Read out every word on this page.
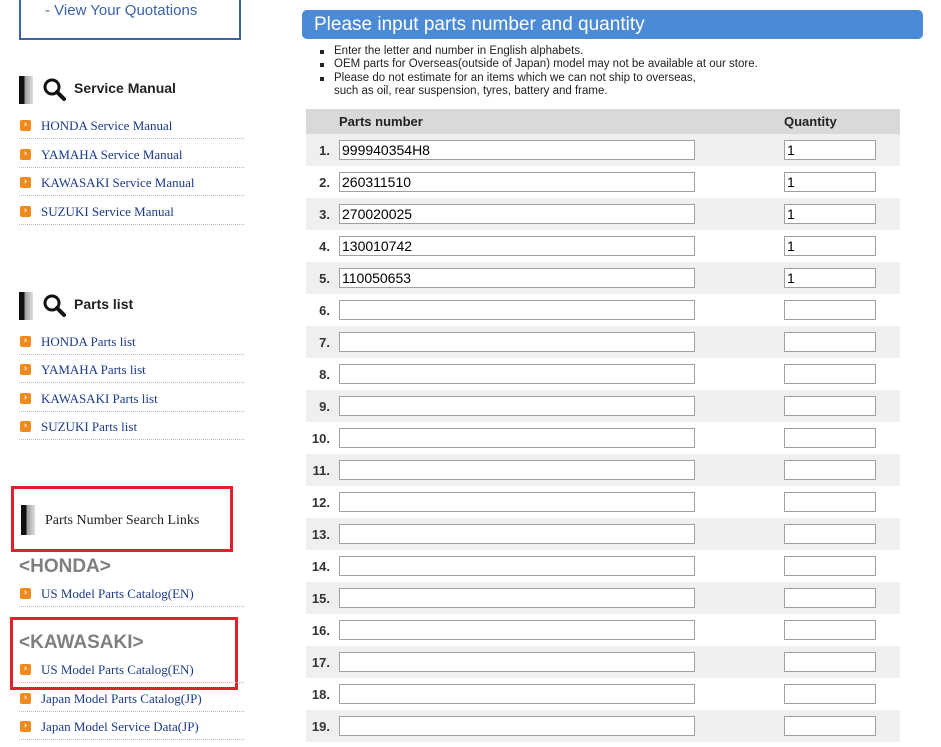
- View Your Quotations
Service Manual
› HONDA Service Manual
› YAMAHA Service Manual
› KAWASAKI Service Manual
› SUZUKI Service Manual
Parts list
› HONDA Parts list
› YAMAHA Parts list
› KAWASAKI Parts list
› SUZUKI Parts list
Parts Number Search Links
<HONDA>
› US Model Parts Catalog(EN)
<KAWASAKI>
› US Model Parts Catalog(EN)
› Japan Model Parts Catalog(JP)
› Japan Model Service Data(JP)
Please input parts number and quantity
Enter the letter and number in English alphabets.
OEM parts for Overseas(outside of Japan) model may not be available at our store.
Please do not estimate for an items which we can not ship to overseas,
such as oil, rear suspension, tyres, battery and frame.
Parts number	Quantity
1.
999940354H8
1
2.
260311510
1
3.
270020025
1
4.
130010742
1
5.
110050653
1
6.
7.
8.
9.
10.
11.
12.
13.
14.
15.
16.
17.
18.
19.
